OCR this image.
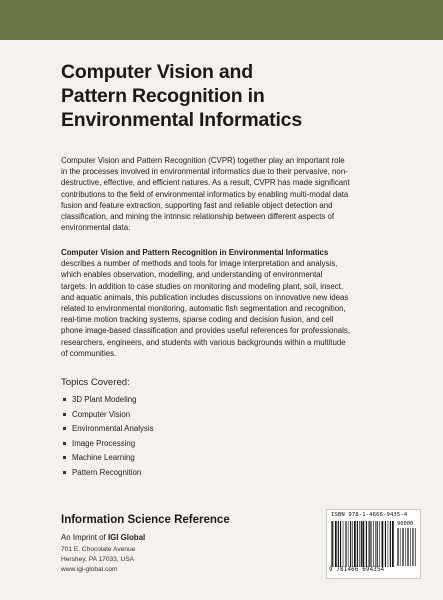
Computer Vision and
Pattern Recognition in
Environmental Informatics
Computer Vision and Pattern Recognition (CVPR) together play an important role
in the processes involved in environmental informatics due to their pervasive, non-
destructive, effective, and efficient natures. As a result, CVPR has made significant
contributions to the field of environmental informatics by enabling multi-modal data
fusion and feature extraction, supporting fast and reliable object detection and
classification, and mining the intrinsic relationship between different aspects of
environmental data.
Computer Vision and Pattern Recognition in Environmental Informatics
describes a number of methods and tools for image interpretation and analysis,
which enables observation, modelling, and understanding of environmental
targets. In addition to case studies on monitoring and modeling plant, soil, insect,
and aquatic animals, this publication includes discussions on innovative new ideas
related to environmental monitoring, automatic fish segmentation and recognition,
real-time motion tracking systems, sparse coding and decision fusion, and cell
phone image-based classification and provides useful references for professionals,
researchers, engineers, and students with various backgrounds within a multitude
of communities.
Topics Covered:
3D Plant Modeling
Computer Vision
Environmental Analysis
Image Processing
Machine Learning
Pattern Recognition
Information Science Reference
An Imprint of IGI Global
701 E. Chocolate Avenue
Hershey, PA 17033, USA
www.igi-global.com
ISBN 978-1-4666-9435-4
90000
9 781466 694354
